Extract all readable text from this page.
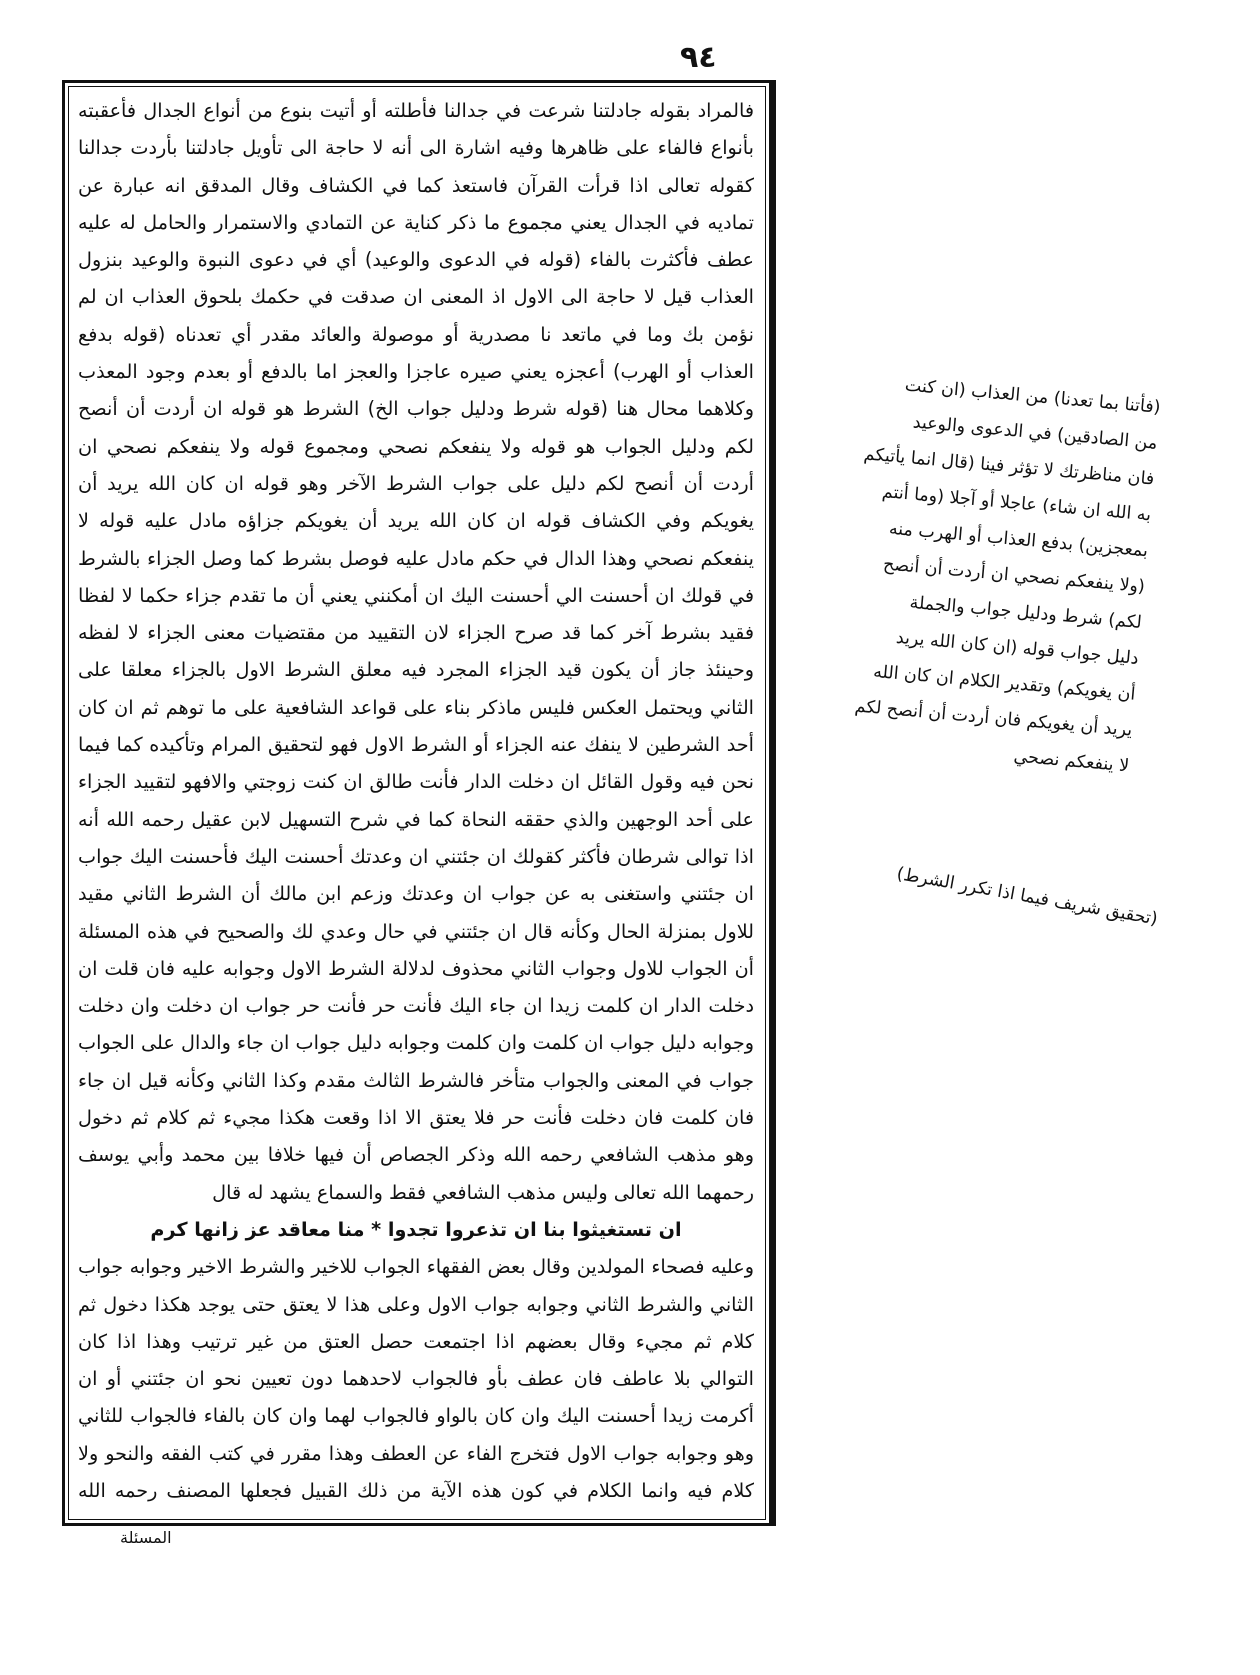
٩٤

فالمراد بقوله جادلتنا شرعت في جدالنا فأطلته أو أتيت بنوع من أنواع الجدال فأعقبته بأنواع فالفاء على ظاهرها وفيه اشارة الى أنه لا حاجة الى تأويل جادلتنا بأردت جدالنا كقوله تعالى اذا قرأت القرآن فاستعذ كما في الكشاف وقال المدقق انه عبارة عن تماديه في الجدال يعني مجموع ما ذكر كناية عن التمادي والاستمرار والحامل له عليه عطف فأكثرت بالفاء (قوله في الدعوى والوعيد) أي في دعوى النبوة والوعيد بنزول العذاب قيل لا حاجة الى الاول اذ المعنى ان صدقت في حكمك بلحوق العذاب ان لم نؤمن بك وما في ماتعد نا مصدرية أو موصولة والعائد مقدر أي تعدناه (قوله بدفع العذاب أو الهرب) أعجزه يعني صيره عاجزا والعجز اما بالدفع أو بعدم وجود المعذب وكلاهما محال هنا (قوله شرط ودليل جواب الخ) الشرط هو قوله ان أردت أن أنصح لكم ودليل الجواب هو قوله ولا ينفعكم نصحي ومجموع قوله ولا ينفعكم نصحي ان أردت أن أنصح لكم دليل على جواب الشرط الآخر وهو قوله ان كان الله يريد أن يغويكم وفي الكشاف قوله ان كان الله يريد أن يغويكم جزاؤه مادل عليه قوله لا ينفعكم نصحي وهذا الدال في حكم مادل عليه فوصل بشرط كما وصل الجزاء بالشرط في قولك ان أحسنت الي أحسنت اليك ان أمكنني يعني أن ما تقدم جزاء حكما لا لفظا فقيد بشرط آخر كما قد صرح الجزاء لان التقييد من مقتضيات معنى الجزاء لا لفظه وحينئذ جاز أن يكون قيد الجزاء المجرد فيه معلق الشرط الاول بالجزاء معلقا على الثاني ويحتمل العكس فليس ماذكر بناء على قواعد الشافعية على ما توهم ثم ان كان أحد الشرطين لا ينفك عنه الجزاء أو الشرط الاول فهو لتحقيق المرام وتأكيده كما فيما نحن فيه وقول القائل ان دخلت الدار فأنت طالق ان كنت زوجتي والافهو لتقييد الجزاء على أحد الوجهين والذي حققه النحاة كما في شرح التسهيل لابن عقيل رحمه الله أنه اذا توالى شرطان فأكثر كقولك ان جئتني ان وعدتك أحسنت اليك فأحسنت اليك جواب ان جئتني واستغنى به عن جواب ان وعدتك وزعم ابن مالك أن الشرط الثاني مقيد للاول بمنزلة الحال وكأنه قال ان جئتني في حال وعدي لك والصحيح في هذه المسئلة أن الجواب للاول وجواب الثاني محذوف لدلالة الشرط الاول وجوابه عليه فان قلت ان دخلت الدار ان كلمت زيدا ان جاء اليك فأنت حر فأنت حر جواب ان دخلت وان دخلت وجوابه دليل جواب ان كلمت وان كلمت وجوابه دليل جواب ان جاء والدال على الجواب جواب في المعنى والجواب متأخر فالشرط الثالث مقدم وكذا الثاني وكأنه قيل ان جاء فان كلمت فان دخلت فأنت حر فلا يعتق الا اذا وقعت هكذا مجيء ثم كلام ثم دخول وهو مذهب الشافعي رحمه الله وذكر الجصاص أن فيها خلافا بين محمد وأبي يوسف رحمهما الله تعالى وليس مذهب الشافعي فقط والسماع يشهد له قال

ان تستغيثوا بنا ان تذعروا تجدوا * منا معاقد عز زانها كرم

وعليه فصحاء المولدين وقال بعض الفقهاء الجواب للاخير والشرط الاخير وجوابه جواب الثاني والشرط الثاني وجوابه جواب الاول وعلى هذا لا يعتق حتى يوجد هكذا دخول ثم كلام ثم مجيء وقال بعضهم اذا اجتمعت حصل العتق من غير ترتيب وهذا اذا كان التوالي بلا عاطف فان عطف بأو فالجواب لاحدهما دون تعيين نحو ان جئتني أو ان أكرمت زيدا أحسنت اليك وان كان بالواو فالجواب لهما وان كان بالفاء فالجواب للثاني وهو وجوابه جواب الاول فتخرج الفاء عن العطف وهذا مقرر في كتب الفقه والنحو ولا كلام فيه وانما الكلام في كون هذه الآية من ذلك القبيل فجعلها المصنف رحمه الله

المسئلة

(فأتنا بما تعدنا) من العذاب (ان كنت

من الصادقين) في الدعوى والوعيد

فان مناظرتك لا تؤثر فينا (قال انما يأتيكم

به الله ان شاء) عاجلا أو آجلا (وما أنتم

بمعجزين) بدفع العذاب أو الهرب منه

(ولا ينفعكم نصحي ان أردت أن أنصح

لكم) شرط ودليل جواب والجملة

دليل جواب قوله (ان كان الله يريد

أن يغويكم) وتقدير الكلام ان كان الله

يريد أن يغويكم فان أردت أن أنصح لكم

لا ينفعكم نصحي

(تحقيق شريف فيما اذا تكرر الشرط)
